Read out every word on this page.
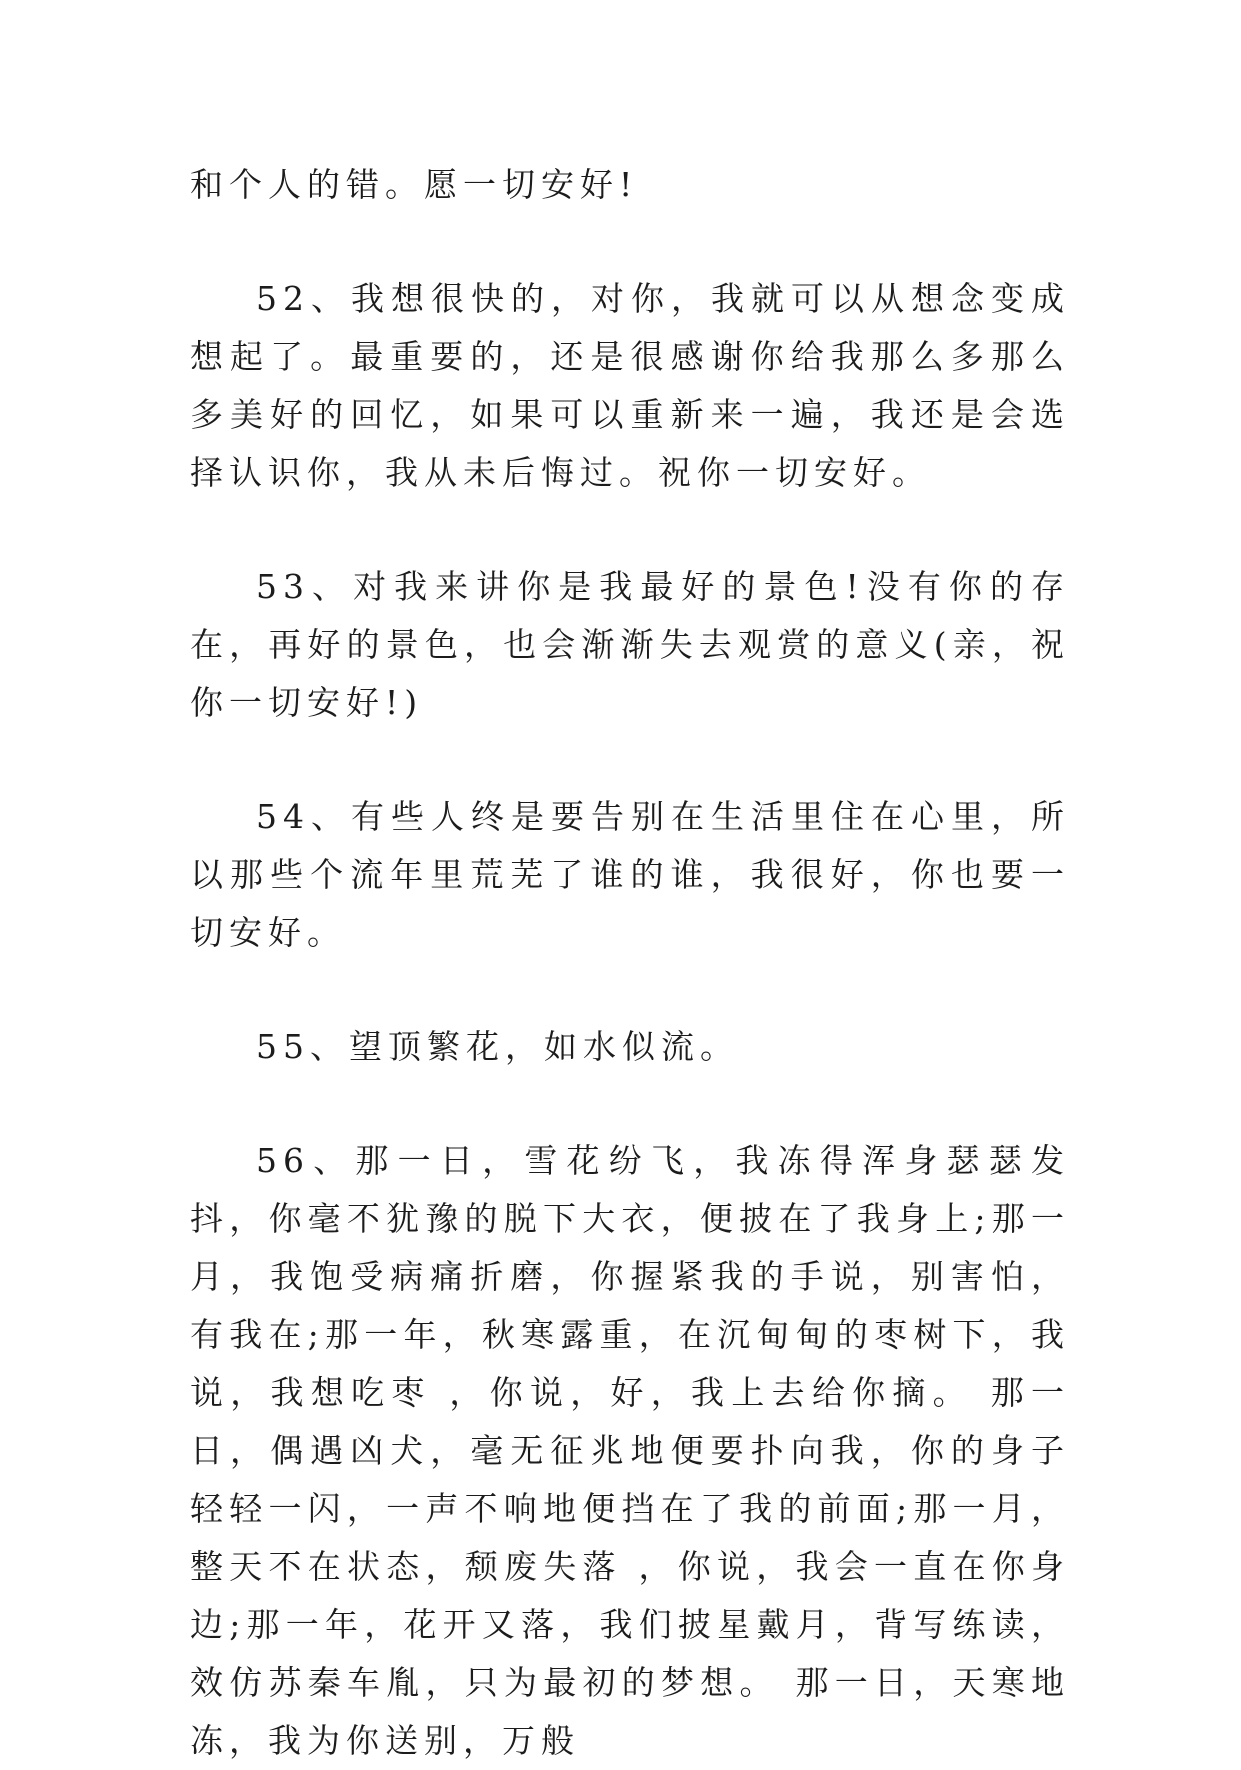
和个人的错。愿一切安好!

52、我想很快的，对你，我就可以从想念变成想起了。最重要的，还是很感谢你给我那么多那么多美好的回忆，如果可以重新来一遍，我还是会选择认识你，我从未后悔过。祝你一切安好。

53、对我来讲你是我最好的景色!没有你的存在，再好的景色，也会渐渐失去观赏的意义(亲，祝你一切安好!)

54、有些人终是要告别在生活里住在心里，所以那些个流年里荒芜了谁的谁，我很好，你也要一切安好。

55、望顶繁花，如水似流。

56、那一日，雪花纷飞，我冻得浑身瑟瑟发抖，你毫不犹豫的脱下大衣，便披在了我身上;那一月，我饱受病痛折磨，你握紧我的手说，别害怕，有我在;那一年，秋寒露重，在沉甸甸的枣树下，我说，我想吃枣 ，你说，好，我上去给你摘。 那一日，偶遇凶犬，毫无征兆地便要扑向我，你的身子轻轻一闪，一声不响地便挡在了我的前面;那一月，整天不在状态，颓废失落 ，你说，我会一直在你身边;那一年，花开又落，我们披星戴月，背写练读，效仿苏秦车胤，只为最初的梦想。 那一日，天寒地冻，我为你送别，万般
